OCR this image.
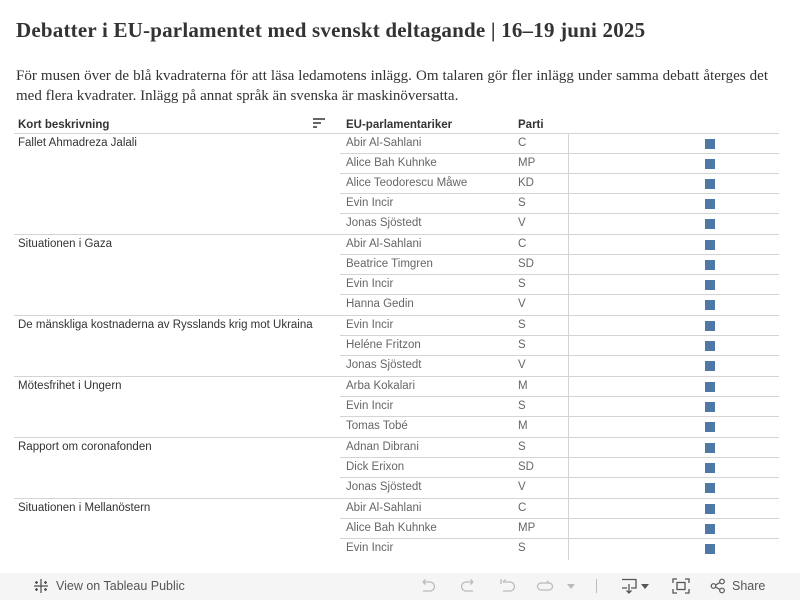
Debatter i EU-parlamentet med svenskt deltagande | 16–19 juni 2025
För musen över de blå kvadraterna för att läsa ledamotens inlägg. Om talaren gör fler inlägg under samma debatt återges det med flera kvadrater. Inlägg på annat språk än svenska är maskinöversatta.
Kort beskrivning	EU-parlamentariker	Parti
Fallet Ahmadreza Jalali	Abir Al-Sahlani	C
Alice Bah Kuhnke	MP
Alice Teodorescu Måwe	KD
Evin Incir	S
Jonas Sjöstedt	V
Situationen i Gaza	Abir Al-Sahlani	C
Beatrice Timgren	SD
Evin Incir	S
Hanna Gedin	V
De mänskliga kostnaderna av Rysslands krig mot Ukraina	Evin Incir	S
Heléne Fritzon	S
Jonas Sjöstedt	V
Mötesfrihet i Ungern	Arba Kokalari	M
Evin Incir	S
Tomas Tobé	M
Rapport om coronafonden	Adnan Dibrani	S
Dick Erixon	SD
Jonas Sjöstedt	V
Situationen i Mellanöstern	Abir Al-Sahlani	C
Alice Bah Kuhnke	MP
Evin Incir	S
View on Tableau Public	Share
